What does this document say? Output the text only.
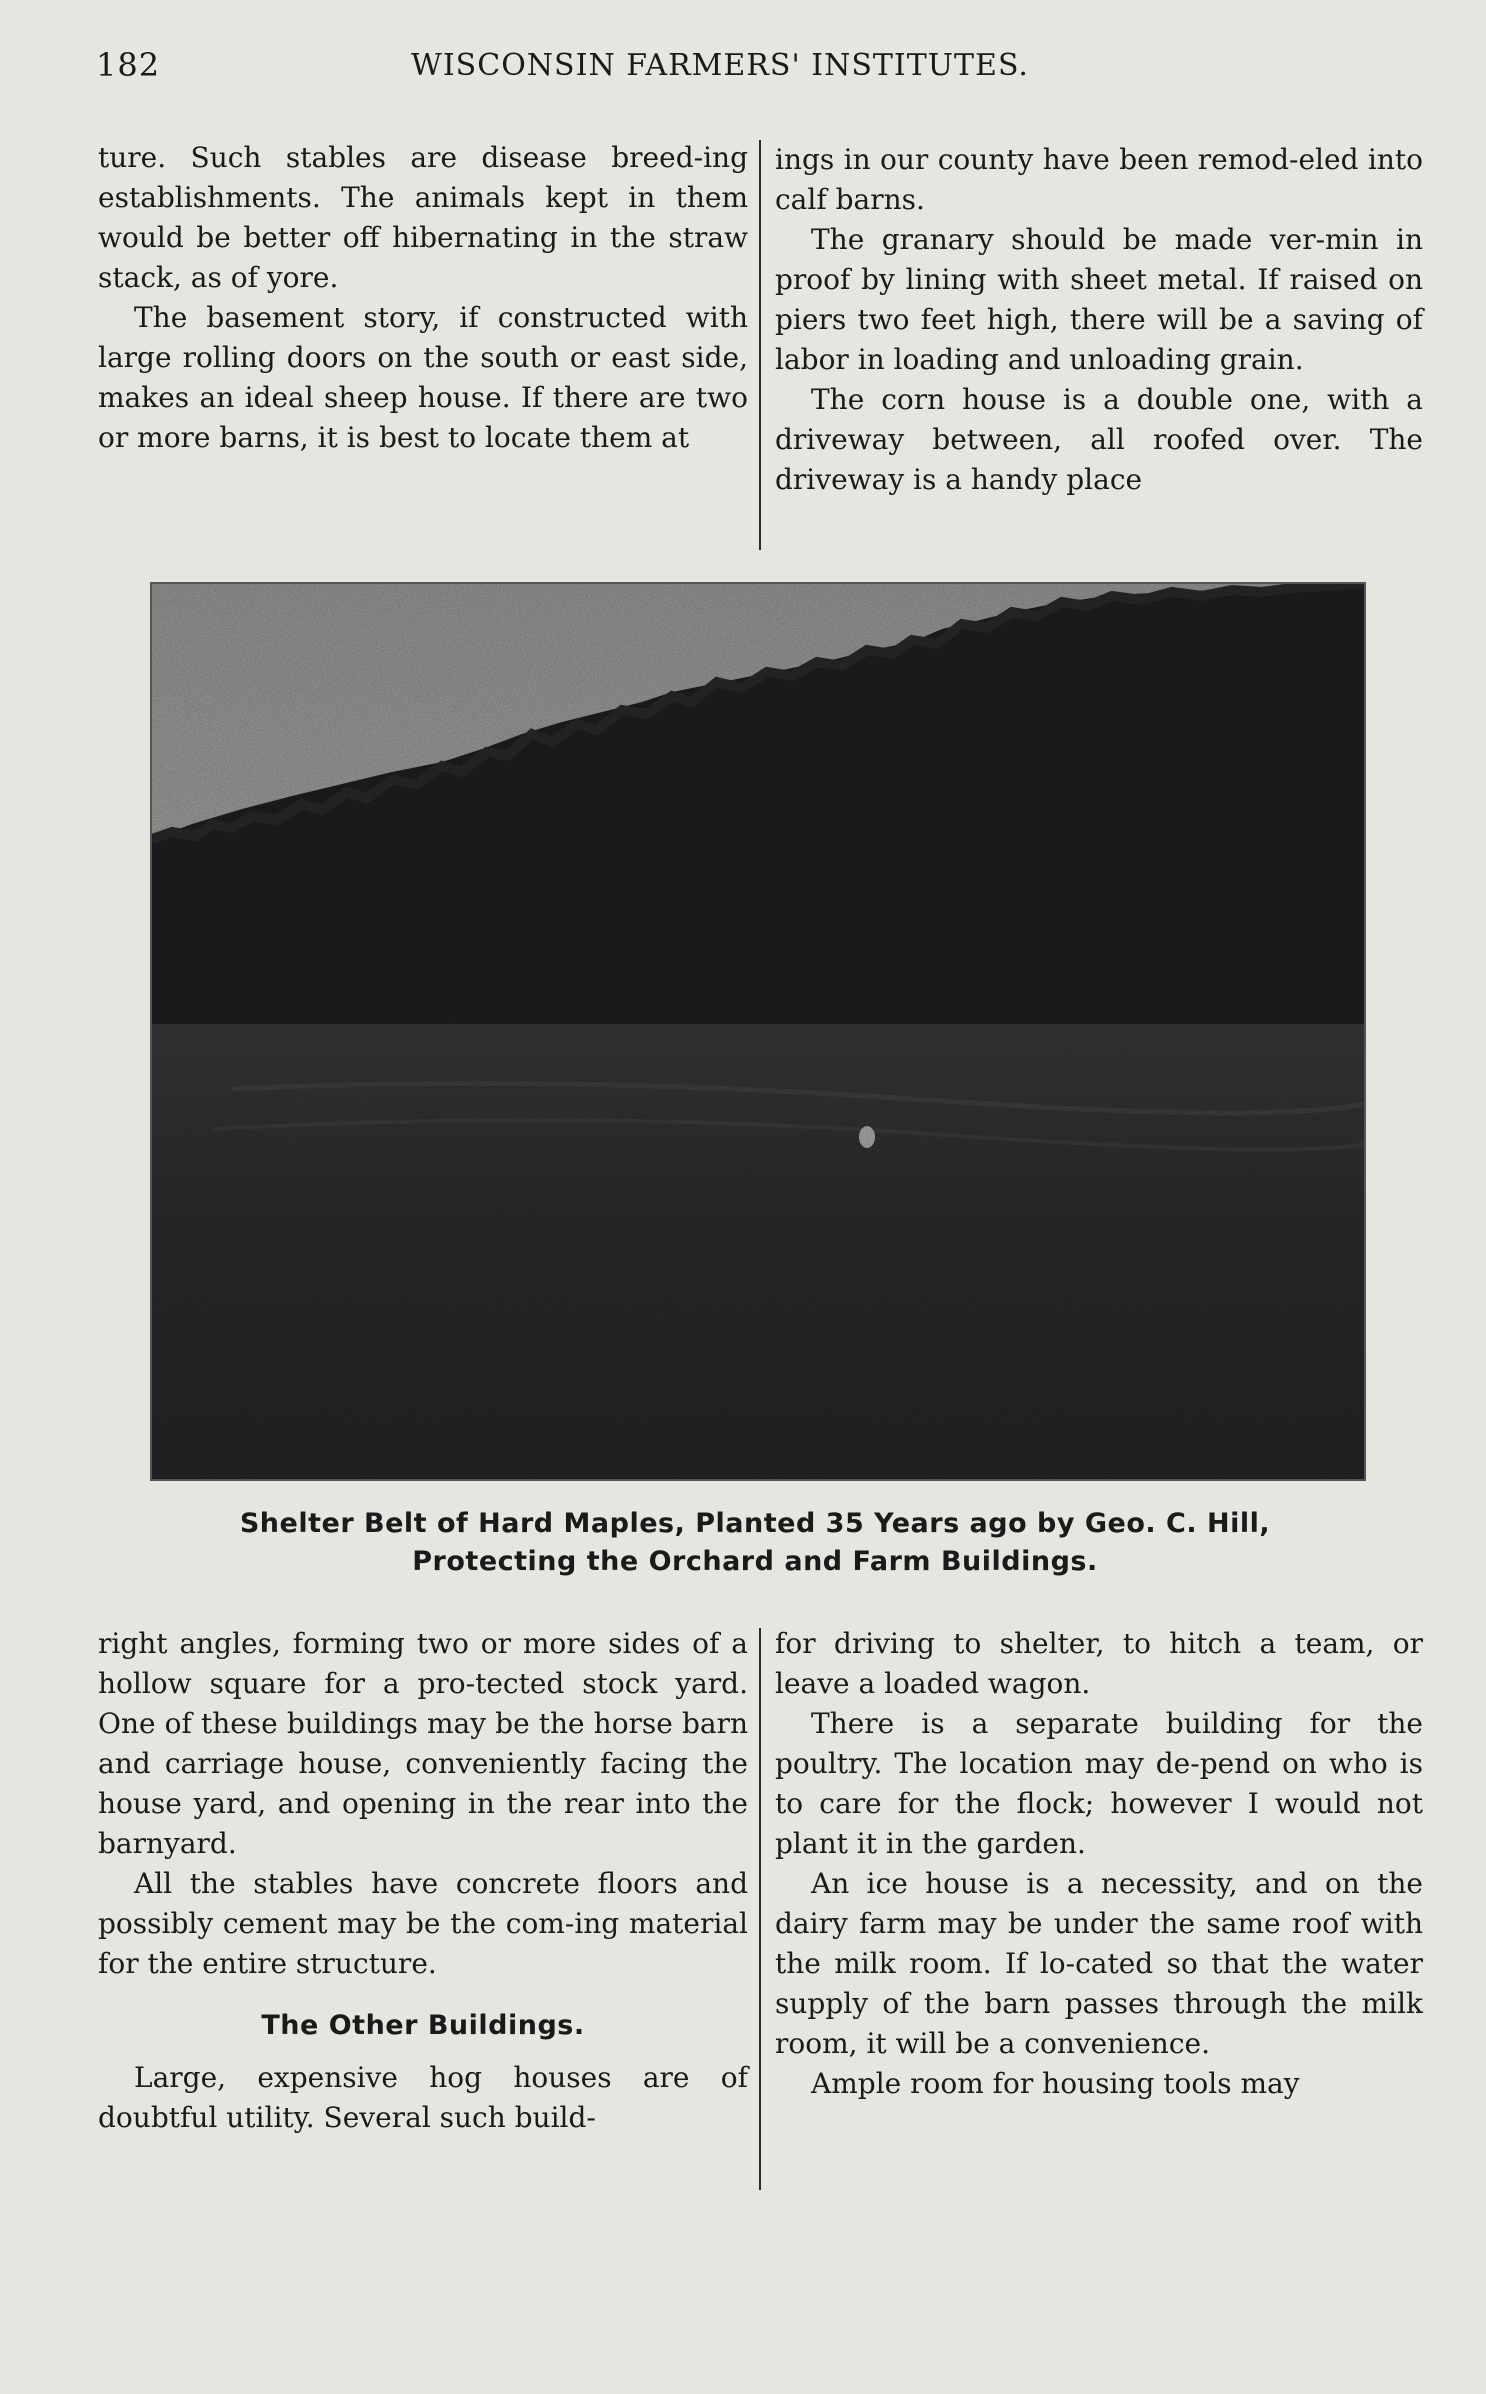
182	WISCONSIN FARMERS' INSTITUTES.

ture. Such stables are disease breed-ing establishments. The animals kept in them would be better off hibernating in the straw stack, as of yore.

The basement story, if constructed with large rolling doors on the south or east side, makes an ideal sheep house. If there are two or more barns, it is best to locate them at

ings in our county have been remod-eled into calf barns.

The granary should be made ver-min in proof by lining with sheet metal. If raised on piers two feet high, there will be a saving of labor in loading and unloading grain.

The corn house is a double one, with a driveway between, all roofed over. The driveway is a handy place

Shelter Belt of Hard Maples, Planted 35 Years ago by Geo. C. Hill,
Protecting the Orchard and Farm Buildings.

right angles, forming two or more sides of a hollow square for a pro-tected stock yard. One of these buildings may be the horse barn and carriage house, conveniently facing the house yard, and opening in the rear into the barnyard.

All the stables have concrete floors and possibly cement may be the com-ing material for the entire structure.

The Other Buildings.

Large, expensive hog houses are of doubtful utility. Several such build-

for driving to shelter, to hitch a team, or leave a loaded wagon.

There is a separate building for the poultry. The location may de-pend on who is to care for the flock; however I would not plant it in the garden.

An ice house is a necessity, and on the dairy farm may be under the same roof with the milk room. If lo-cated so that the water supply of the barn passes through the milk room, it will be a convenience.

Ample room for housing tools may
